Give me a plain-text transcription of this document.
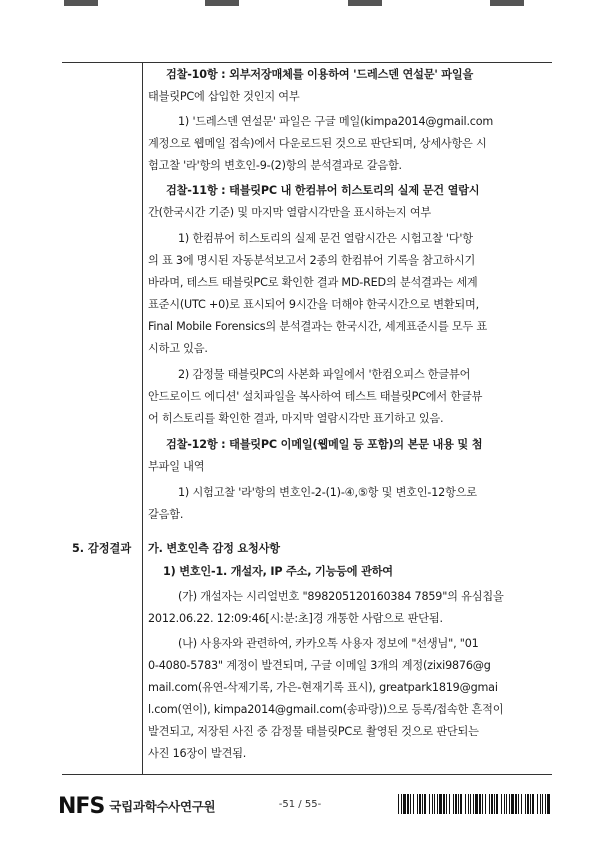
검찰-10항 : 외부저장매체를 이용하여 '드레스덴 연설문' 파일을
태블릿PC에 삽입한 것인지 여부
1) '드레스덴 연설문' 파일은 구글 메일(kimpa2014@gmail.com
계정으로 웹메일 접속)에서 다운로드된 것으로 판단되며, 상세사항은 시
험고찰 '라'항의 변호인-9-(2)항의 분석결과로 갈음함.
검찰-11항 : 태블릿PC 내 한컴뷰어 히스토리의 실제 문건 열람시
간(한국시간 기준) 및 마지막 열람시각만을 표시하는지 여부
1) 한컴뷰어 히스토리의 실제 문건 열람시간은 시험고찰 '다'항
의 표 3에 명시된 자동분석보고서 2종의 한컴뷰어 기록을 참고하시기
바라며, 테스트 태블릿PC로 확인한 결과 MD-RED의 분석결과는 세계
표준시(UTC +0)로 표시되어 9시간을 더해야 한국시간으로 변환되며,
Final Mobile Forensics의 분석결과는 한국시간, 세계표준시를 모두 표
시하고 있음.
2) 감정물 태블릿PC의 사본화 파일에서 '한컴오피스 한글뷰어
안드로이드 에디션' 설치파일을 복사하여 테스트 태블릿PC에서 한글뷰
어 히스토리를 확인한 결과, 마지막 열람시각만 표기하고 있음.
검찰-12항 : 태블릿PC 이메일(웹메일 등 포함)의 본문 내용 및 첨
부파일 내역
1) 시험고찰 '라'항의 변호인-2-(1)-④,⑤항 및 변호인-12항으로
갈음함.
5. 감정결과 가. 변호인측 감정 요청사항
1) 변호인-1. 개설자, IP 주소, 기능등에 관하여
(가) 개설자는 시리얼번호 "898205120160384 7859"의 유심칩을
2012.06.22. 12:09:46[시:분:초]경 개통한 사람으로 판단됨.
(나) 사용자와 관련하여, 카카오톡 사용자 정보에 "선생님", "01
0-4080-5783" 계정이 발견되며, 구글 이메일 3개의 계정(zixi9876@g
mail.com(유연-삭제기록, 가은-현재기록 표시), greatpark1819@gmai
l.com(연이), kimpa2014@gmail.com(송파랑))으로 등록/접속한 흔적이
발견되고, 저장된 사진 중 감정물 태블릿PC로 촬영된 것으로 판단되는
사진 16장이 발견됨.
NFS 국립과학수사연구원	-51 / 55-
